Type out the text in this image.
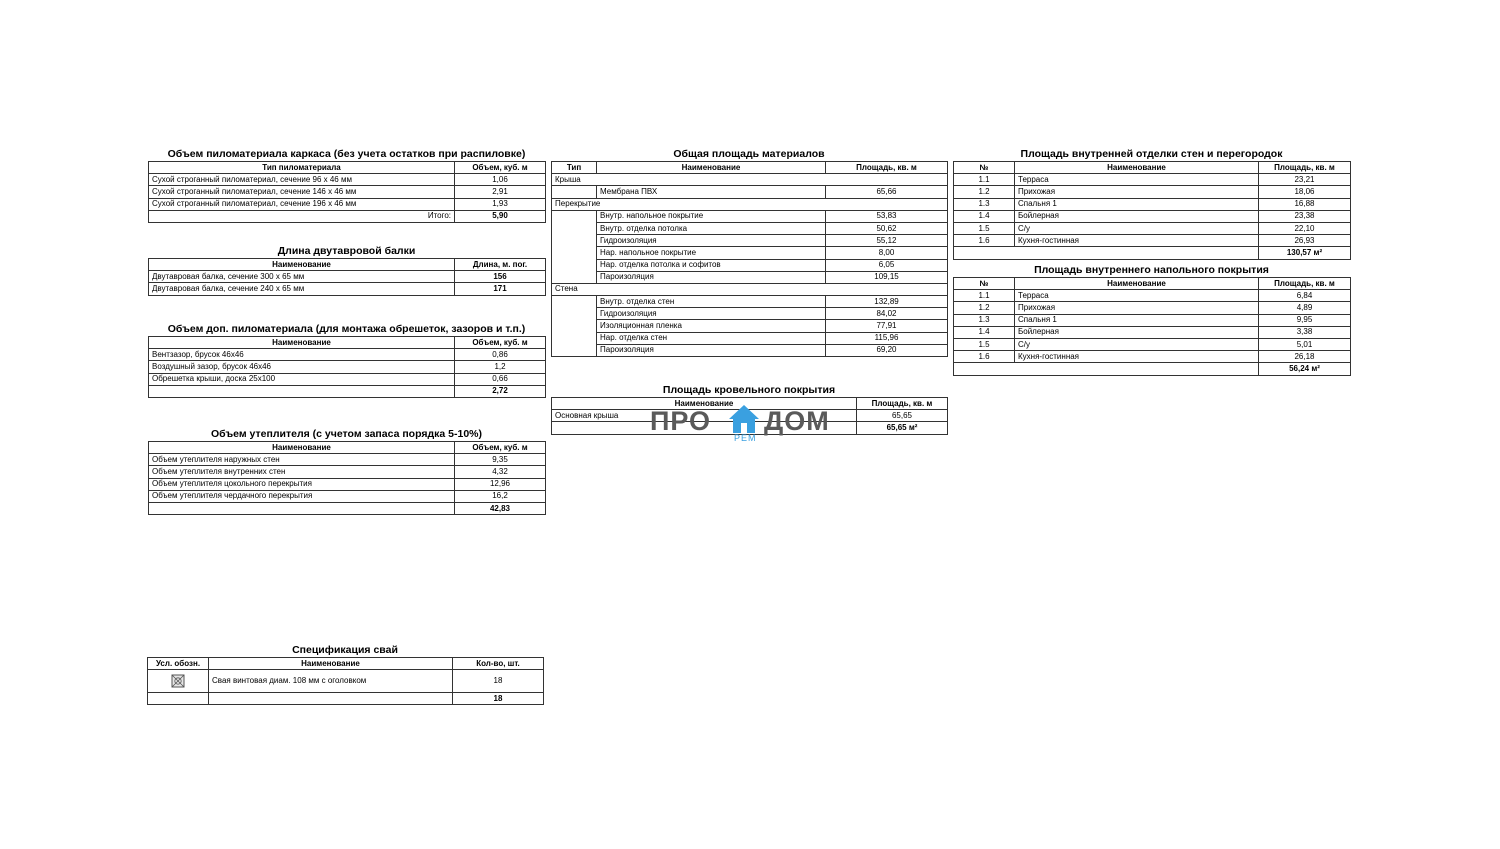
Объем пиломатериала каркаса (без учета остатков при распиловке)
Тип пиломатериала	Объем, куб. м
Сухой строганный пиломатериал, сечение 96 х 46 мм	1,06
Сухой строганный пиломатериал, сечение 146 х 46 мм	2,91
Сухой строганный пиломатериал, сечение 196 х 46 мм	1,93
Итого:	5,90
Длина двутавровой балки
Наименование	Длина, м. пог.
Двутавровая балка, сечение 300 х 65 мм	156
Двутавровая балка, сечение 240 х 65 мм	171
Объем доп. пиломатериала (для монтажа обрешеток, зазоров и т.п.)
Наименование	Объем, куб. м
Вентзазор, брусок 46х46	0,86
Воздушный зазор, брусок 46х46	1,2
Обрешетка крыши, доска 25х100	0,66
	2,72
Объем утеплителя (с учетом запаса порядка 5-10%)
Наименование	Объем, куб. м
Объем утеплителя наружных стен	9,35
Объем утеплителя внутренних стен	4,32
Объем утеплителя цокольного перекрытия	12,96
Объем утеплителя чердачного перекрытия	16,2
	42,83
Общая площадь материалов
Тип	Наименование	Площадь, кв. м
Крыша		
	Мембрана ПВХ	65,66
Перекрытие		
	Внутр. напольное покрытие	53,83
	Внутр. отделка потолка	50,62
	Гидроизоляция	55,12
	Нар. напольное покрытие	8,00
	Нар. отделка потолка и софитов	6,05
	Пароизоляция	109,15
Стена		
	Внутр. отделка стен	132,89
	Гидроизоляция	84,02
	Изоляционная пленка	77,91
	Нар. отделка стен	115,96
	Пароизоляция	69,20
Площадь кровельного покрытия
Наименование	Площадь, кв. м
Основная крыша	65,65
	65,65 м²
ПРО ДОМ
РЕМ
Площадь внутренней отделки стен и перегородок
№	Наименование	Площадь, кв. м
1.1	Терраса	23,21
1.2	Прихожая	18,06
1.3	Спальня 1	16,88
1.4	Бойлерная	23,38
1.5	С/у	22,10
1.6	Кухня-гостинная	26,93
		130,57 м²
Площадь внутреннего напольного покрытия
№	Наименование	Площадь, кв. м
1.1	Терраса	6,84
1.2	Прихожая	4,89
1.3	Спальня 1	9,95
1.4	Бойлерная	3,38
1.5	С/у	5,01
1.6	Кухня-гостинная	26,18
		56,24 м²
Спецификация свай
Усл. обозн.	Наименование	Кол-во, шт.
	Свая винтовая диам. 108 мм с оголовком	18
		18
